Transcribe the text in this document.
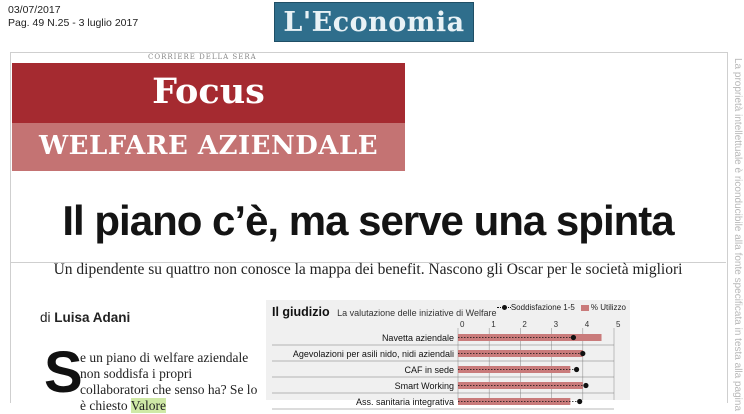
03/07/2017
Pag. 49 N.25 - 3 luglio 2017	L'Economia
CORRIERE DELLA SERA
Focus
WELFARE AZIENDALE
Il piano c’è, ma serve una spinta
Un dipendente su quattro non conosce la mappa dei benefit. Nascono gli Oscar per le società migliori
di Luisa Adani
S
e un piano di welfare aziendale non soddisfa i propri collaboratori che senso ha? Se lo è chiesto Valore	La proprietà intellettuale è riconducibile alla fonte specificata in testa alla pagina
Il giudizio La valutazione delle iniziative di Welfare
Soddisfazione 1-5 % Utilizzo
0	1	2	3	4	5
Navetta aziendale
Agevolazioni per asili nido, nidi aziendali
CAF in sede
Smart Working
Ass. sanitaria integrativa
